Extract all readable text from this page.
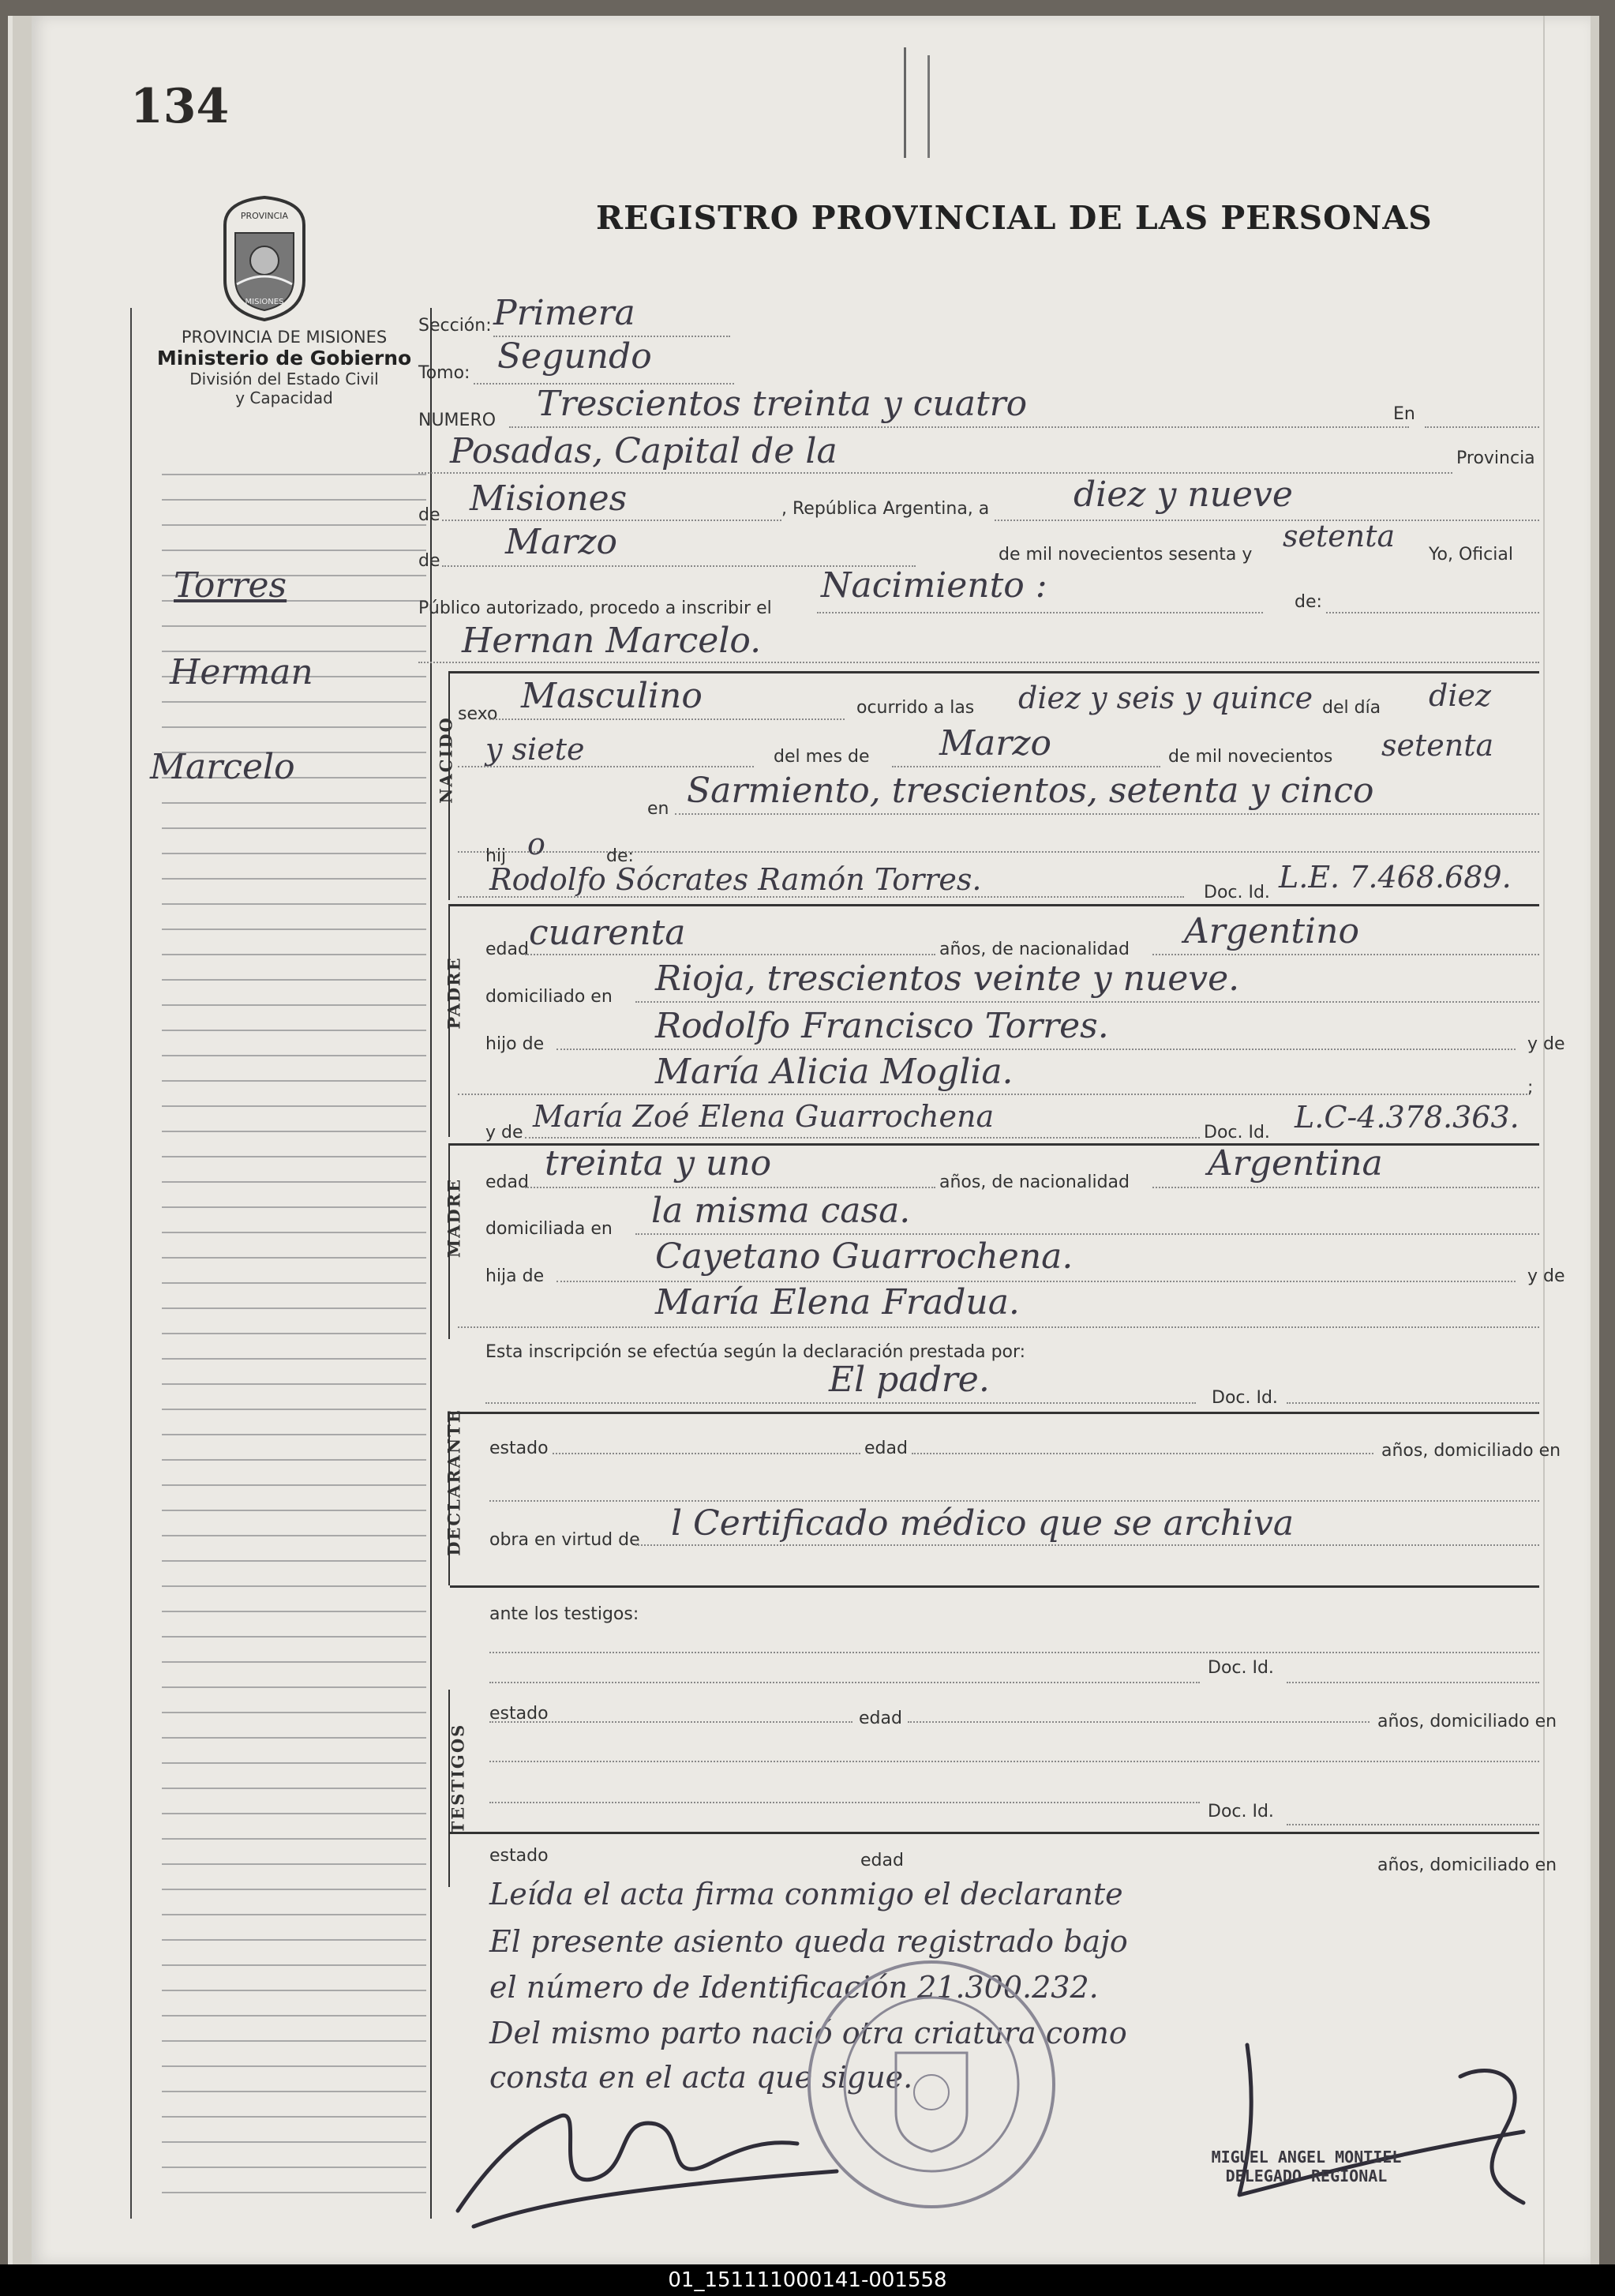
134
REGISTRO PROVINCIAL DE LAS PERSONAS
PROVINCIA
MISIONES
PROVINCIA DE MISIONES
Ministerio de Gobierno
División del Estado Civil
y Capacidad
Torres
Herman
Marcelo
Sección: Primera
Tomo: Segundo
NUMERO Trescientos treinta y cuatro	En
Posadas, Capital de la	Provincia
de Misiones	, República Argentina, a diez y nueve
de Marzo	de mil novecientos sesenta y
setenta
Yo, Oficial
Público autorizado, procedo a inscribir el
Nacimiento :	de:
Hernan Marcelo.
NACIDO
sexo Masculino	ocurrido a las diez y seis y quince del día diez
y siete	del mes de Marzo	de mil novecientos setenta
en Sarmiento, trescientos, setenta y cinco
hij o	de:
Rodolfo Sócrates Ramón Torres.	Doc. Id. L.E. 7.468.689.
PADRE
edad cuarenta	años, de nacionalidad Argentino
domiciliado en Rioja, trescientos veinte y nueve.
hijo de	Rodolfo Francisco Torres.	y de
María Alicia Moglia.	;
y de María Zoé Elena Guarrochena	Doc. Id. L.C-4.378.363.
MADRE edad treinta y uno	años, de nacionalidad Argentina
domiciliada en la misma casa.
hija de	Cayetano Guarrochena.	y de
María Elena Fradua.
Esta inscripción se efectúa según la declaración prestada por:
El padre.	Doc. Id.
DECLARANTE estado	edad	años, domiciliado en
obra en virtud de l Certificado médico que se archiva
ante los testigos:
Doc. Id.
TESTIGOS
estado	edad	años, domiciliado en
Doc. Id.
estado	edad	años, domiciliado en
Leída el acta firma conmigo el declarante
El presente asiento queda registrado bajo
el número de Identificación 21.300.232.
Del mismo parto nació otra criatura como
consta en el acta que sigue.
MIGUEL ANGEL MONTIEL
DELEGADO REGIONAL
01_151111000141-001558
